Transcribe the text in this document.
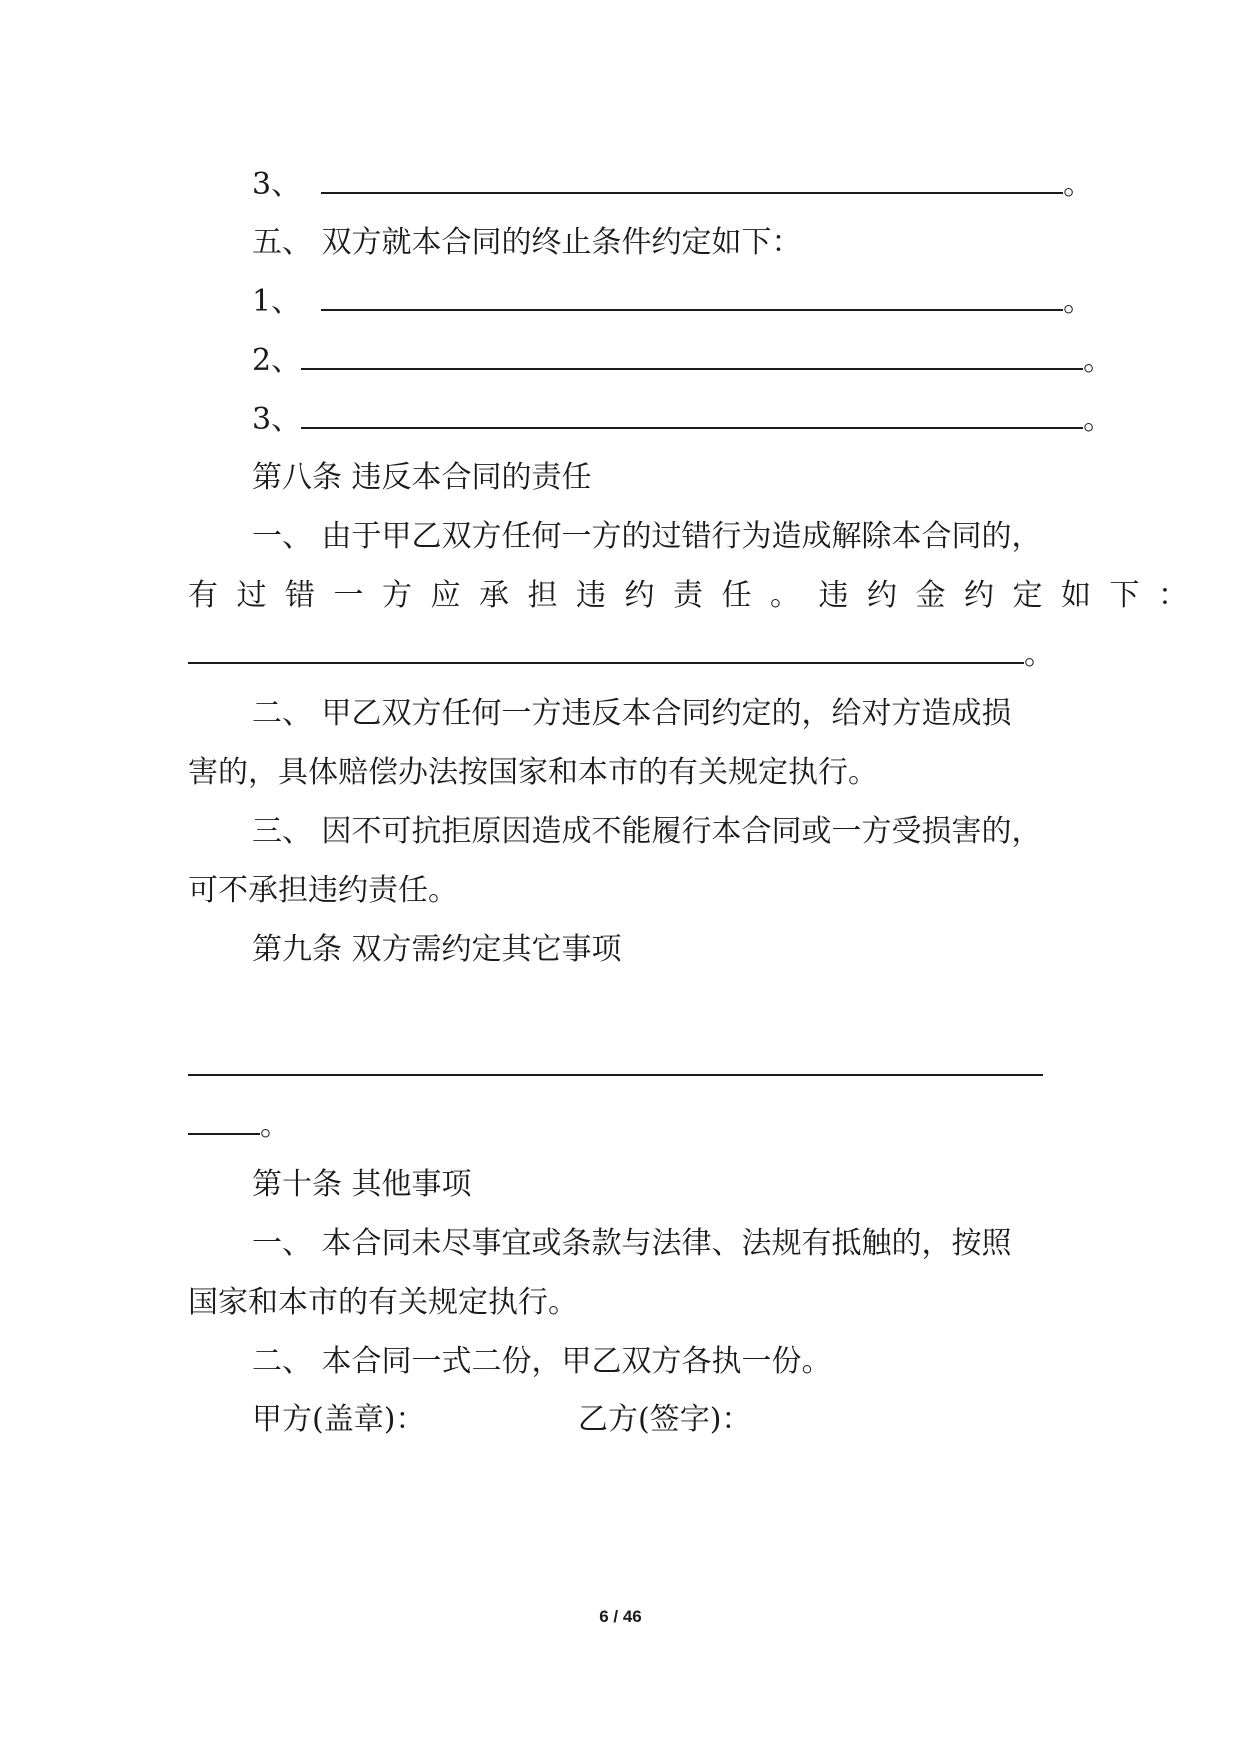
3、	。
五、 双方就本合同的终止条件约定如下：
1、	。
2、	。
3、	。
第八条 违反本合同的责任
一、 由于甲乙双方任何一方的过错行为造成解除本合同的，
有过错一方应承担违约责任。违约金约定如下：
。
二、 甲乙双方任何一方违反本合同约定的，给对方造成损
害的，具体赔偿办法按国家和本市的有关规定执行。
三、 因不可抗拒原因造成不能履行本合同或一方受损害的，
可不承担违约责任。
第九条 双方需约定其它事项
。
第十条 其他事项
一、 本合同未尽事宜或条款与法律、法规有抵触的，按照
国家和本市的有关规定执行。
二、 本合同一式二份，甲乙双方各执一份。
甲方(盖章)：	乙方(签字)：
6 / 46
